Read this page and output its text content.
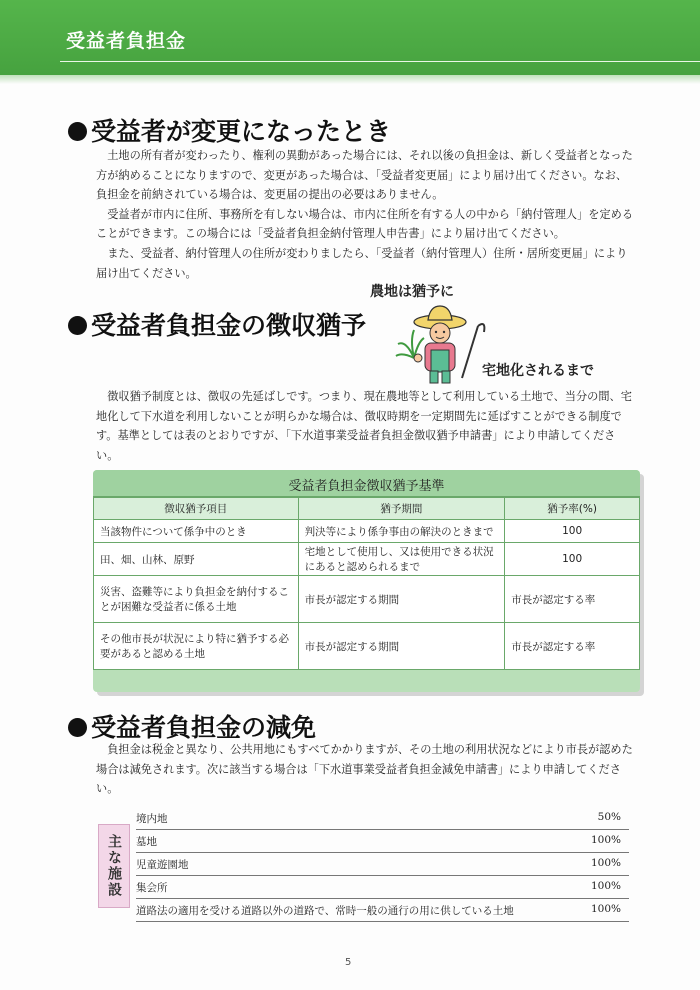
受益者負担金
受益者が変更になったとき

土地の所有者が変わったり、権利の異動があった場合には、それ以後の負担金は、新しく受益者となった方が納めることになりますので、変更があった場合は、「受益者変更届」により届け出てください。なお、負担金を前納されている場合は、変更届の提出の必要はありません。

受益者が市内に住所、事務所を有しない場合は、市内に住所を有する人の中から「納付管理人」を定めることができます。この場合には「受益者負担金納付管理人申告書」により届け出てください。

また、受益者、納付管理人の住所が変わりましたら、「受益者（納付管理人）住所・居所変更届」により届け出てください。

受益者負担金の徴収猶予
農地は猶予に
宅地化されるまで

徴収猶予制度とは、徴収の先延ばしです。つまり、現在農地等として利用している土地で、当分の間、宅地化して下水道を利用しないことが明らかな場合は、徴収時期を一定期間先に延ばすことができる制度です。基準としては表のとおりですが、「下水道事業受益者負担金徴収猶予申請書」により申請してください。

受益者負担金徴収猶予基準
徴収猶予項目	猶予期間	猶予率(%)
当該物件について係争中のとき	判決等により係争事由の解決のときまで	100
田、畑、山林、原野	宅地として使用し、又は使用できる状況にあると認められるまで	100
災害、盗難等により負担金を納付することが困難な受益者に係る土地	市長が認定する期間	市長が認定する率
その他市長が状況により特に猶予する必要があると認める土地	市長が認定する期間	市長が認定する率
受益者負担金の減免

負担金は税金と異なり、公共用地にもすべてかかりますが、その土地の利用状況などにより市長が認めた場合は減免されます。次に該当する場合は「下水道事業受益者負担金減免申請書」により申請してください。

主な施設
境内地	50%
墓地	100%
児童遊園地	100%
集会所	100%
道路法の適用を受ける道路以外の道路で、常時一般の通行の用に供している土地	100%
5
